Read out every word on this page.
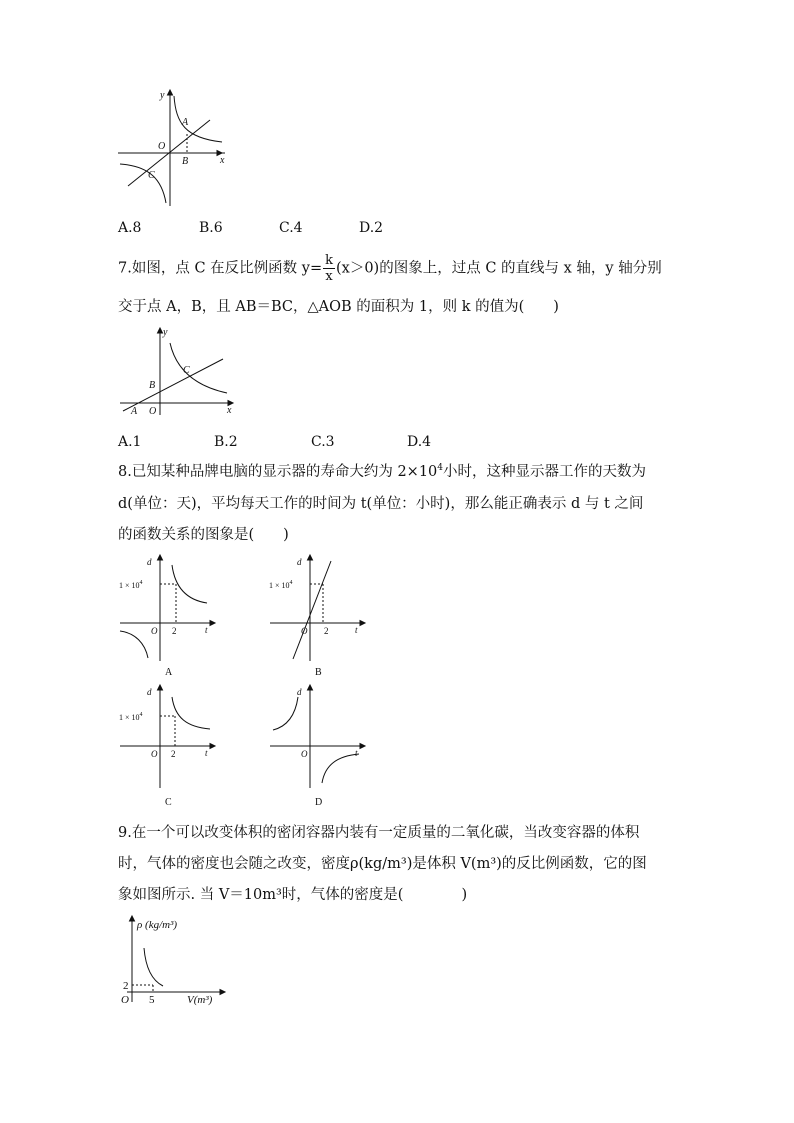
y
x
O
A
B
C
A.8	B.6	C.4	D.2
7.如图，点 C 在反比例函数 $y= \frac{k}{x} (x>0)$的图象上，过点 C 的直线与 x 轴，y 轴分别
交于点 A，B，且 AB＝BC，△AOB 的面积为 1，则 k 的值为(　　)
y
x
O
A
B
C
A.1	B.2	C.3	D.4
8.已知某种品牌电脑的显示器的寿命大约为 $2\times 10^4$小时，这种显示器工作的天数为
d(单位：天)，平均每天工作的时间为 t(单位：小时)，那么能正确表示 d 与 t 之间
的函数关系的图象是(　　)
d
t
O 2
$1 \times 10^4$
A
d
t
O 2
$1 \times 10^4$
B
d
t
O 2
$1 \times 10^4$
C
d
t
O
D
9.在一个可以改变体积的密闭容器内装有一定质量的二氧化碳，当改变容器的体积
时，气体的密度也会随之改变，密度ρ(kg/m³)是体积 V(m³)的反比例函数，它的图
象如图所示. 当 V＝10m³时，气体的密度是(　　　　)
ρ (kg/m³)
V(m³)
O
2
5
